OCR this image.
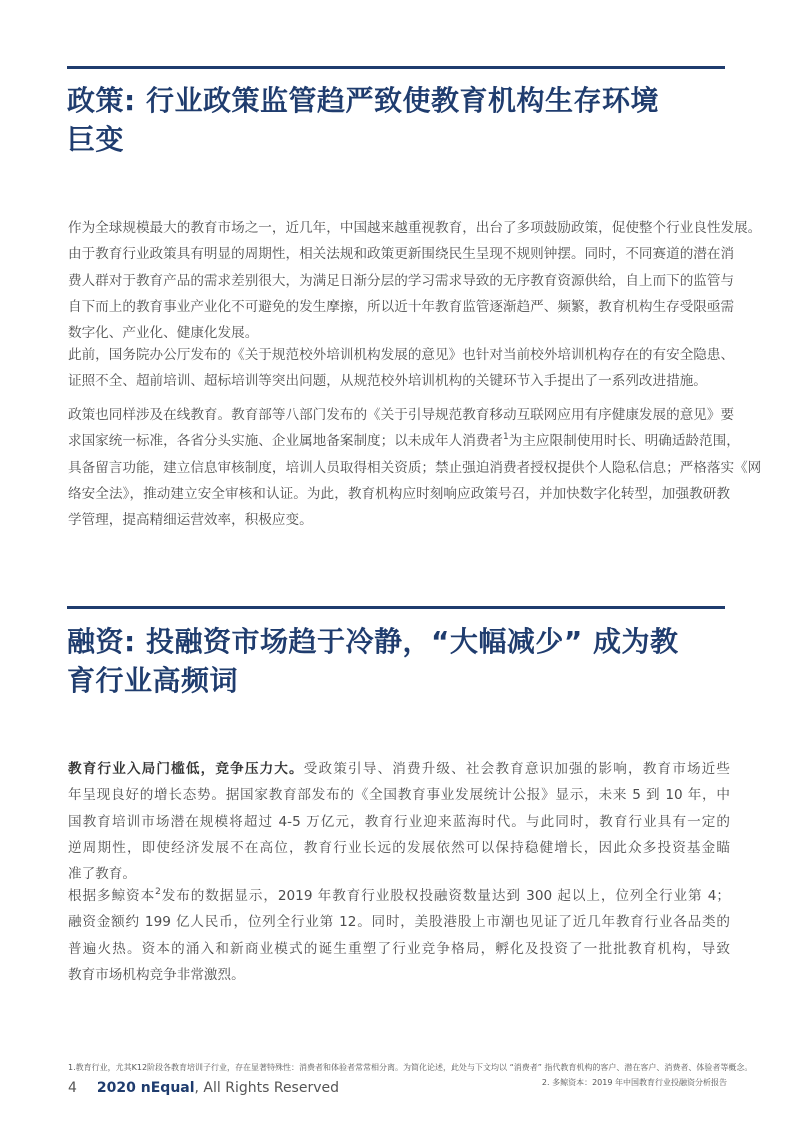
政策: 行业政策监管趋严致使教育机构生存环境
巨变
作为全球规模最大的教育市场之一，近几年，中国越来越重视教育，出台了多项鼓励政策，促使整个行业良性发展。
由于教育行业政策具有明显的周期性，相关法规和政策更新围绕民生呈现不规则钟摆。同时，不同赛道的潜在消
费人群对于教育产品的需求差别很大，为满足日渐分层的学习需求导致的无序教育资源供给，自上而下的监管与
自下而上的教育事业产业化不可避免的发生摩擦，所以近十年教育监管逐渐趋严、频繁，教育机构生存受限亟需
数字化、产业化、健康化发展。
此前，国务院办公厅发布的《关于规范校外培训机构发展的意见》也针对当前校外培训机构存在的有安全隐患、
证照不全、超前培训、超标培训等突出问题，从规范校外培训机构的关键环节入手提出了一系列改进措施。
政策也同样涉及在线教育。教育部等八部门发布的《关于引导规范教育移动互联网应用有序健康发展的意见》要
求国家统一标准，各省分头实施、企业属地备案制度；以未成年人消费者$^1$为主应限制使用时长、明确适龄范围，
具备留言功能，建立信息审核制度，培训人员取得相关资质；禁止强迫消费者授权提供个人隐私信息；严格落实《网
络安全法》，推动建立安全审核和认证。为此，教育机构应时刻响应政策号召，并加快数字化转型，加强教研教
学管理，提高精细运营效率，积极应变。
融资: 投融资市场趋于冷静，“大幅减少” 成为教
育行业高频词
教育行业入局门槛低，竞争压力大。受政策引导、消费升级、社会教育意识加强的影响，教育市场近些
年呈现良好的增长态势。据国家教育部发布的《全国教育事业发展统计公报》显示，未来 5 到 10 年，中
国教育培训市场潜在规模将超过 4-5 万亿元，教育行业迎来蓝海时代。与此同时，教育行业具有一定的
逆周期性，即使经济发展不在高位，教育行业长远的发展依然可以保持稳健增长，因此众多投资基金瞄
准了教育。
根据多鲸资本$^2$发布的数据显示，2019 年教育行业股权投融资数量达到 300 起以上，位列全行业第 4；
融资金额约 199 亿人民币，位列全行业第 12。同时，美股港股上市潮也见证了近几年教育行业各品类的
普遍火热。资本的涌入和新商业模式的诞生重塑了行业竞争格局，孵化及投资了一批批教育机构，导致
教育市场机构竞争非常激烈。
1.教育行业，尤其K12阶段各教育培训子行业，存在显著特殊性：消费者和体验者常常相分离。为简化论述，此处与下文均以 “消费者” 指代教育机构的客户、潜在客户、消费者、体验者等概念。
2. 多鲸资本：2019 年中国教育行业投融资分析报告
4 2020 nEqual, All Rights Reserved
